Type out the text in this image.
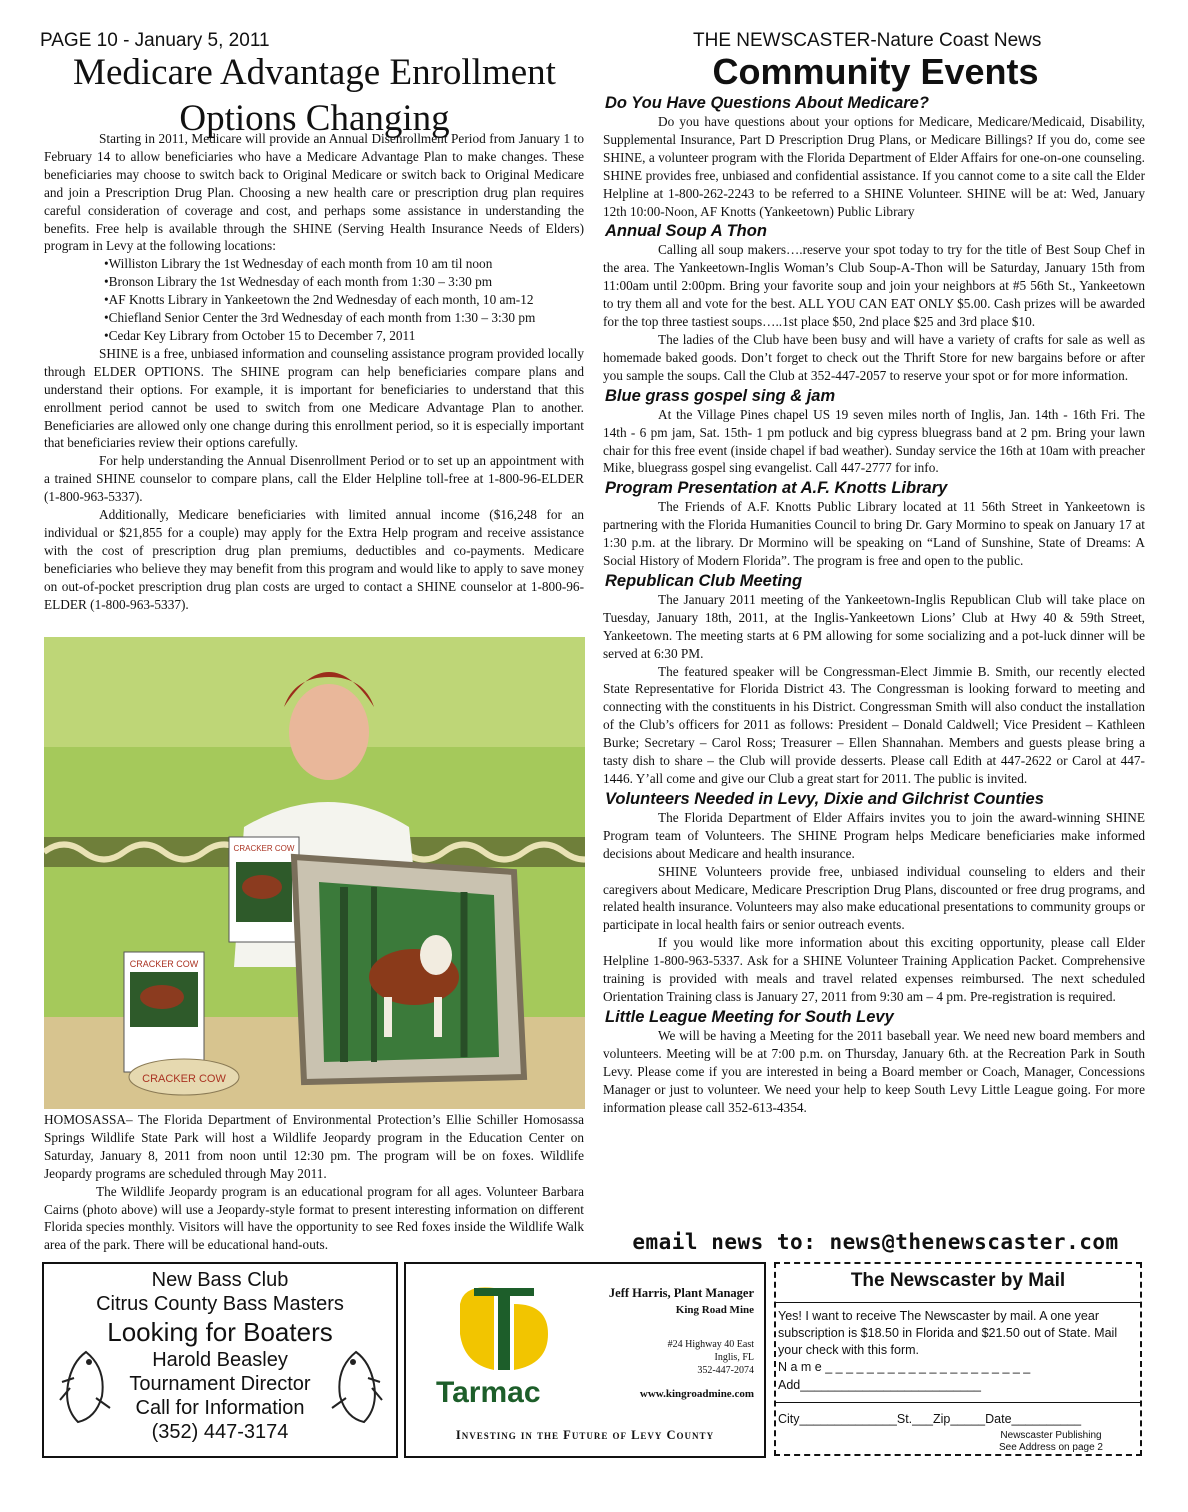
PAGE 10 - January 5, 2011	THE NEWSCASTER-Nature Coast News
Medicare Advantage Enrollment Options Changing
Community Events

Starting in 2011, Medicare will provide an Annual Disenrollment Period from January 1 to February 14 to allow beneficiaries who have a Medicare Advantage Plan to make changes. These beneficiaries may choose to switch back to Original Medicare or switch back to Original Medicare and join a Prescription Drug Plan. Choosing a new health care or prescription drug plan requires careful consideration of coverage and cost, and perhaps some assistance in understanding the benefits. Free help is available through the SHINE (Serving Health Insurance Needs of Elders) program in Levy at the following locations:

• Williston Library the 1st Wednesday of each month from 10 am til noon
• Bronson Library the 1st Wednesday of each month from 1:30 – 3:30 pm
• AF Knotts Library in Yankeetown the 2nd Wednesday of each month, 10 am-12
• Chiefland Senior Center the 3rd Wednesday of each month from 1:30 – 3:30 pm
• Cedar Key Library from October 15 to December 7, 2011

SHINE is a free, unbiased information and counseling assistance program provided locally through ELDER OPTIONS. The SHINE program can help beneficiaries compare plans and understand their options. For example, it is important for beneficiaries to understand that this enrollment period cannot be used to switch from one Medicare Advantage Plan to another. Beneficiaries are allowed only one change during this enrollment period, so it is especially important that beneficiaries review their options carefully.

For help understanding the Annual Disenrollment Period or to set up an appointment with a trained SHINE counselor to compare plans, call the Elder Helpline toll-free at 1-800-96-ELDER (1-800-963-5337).

Additionally, Medicare beneficiaries with limited annual income ($16,248 for an individual or $21,855 for a couple) may apply for the Extra Help program and receive assistance with the cost of prescription drug plan premiums, deductibles and co-payments. Medicare beneficiaries who believe they may benefit from this program and would like to apply to save money on out-of-pocket prescription drug plan costs are urged to contact a SHINE counselor at 1-800-96-ELDER (1-800-963-5337).

CRACKER COW
CRACKER COW
CRACKER COW

HOMOSASSA– The Florida Department of Environmental Protection’s Ellie Schiller Homosassa Springs Wildlife State Park will host a Wildlife Jeopardy program in the Education Center on Saturday, January 8, 2011 from noon until 12:30 pm. The program will be on foxes. Wildlife Jeopardy programs are scheduled through May 2011.

The Wildlife Jeopardy program is an educational program for all ages. Volunteer Barbara Cairns (photo above) will use a Jeopardy-style format to present interesting information on different Florida species monthly. Visitors will have the opportunity to see Red foxes inside the Wildlife Walk area of the park. There will be educational hand-outs.

Do You Have Questions About Medicare?

Do you have questions about your options for Medicare, Medicare/Medicaid, Disability, Supplemental Insurance, Part D Prescription Drug Plans, or Medicare Billings? If you do, come see SHINE, a volunteer program with the Florida Department of Elder Affairs for one-on-one counseling. SHINE provides free, unbiased and confidential assistance. If you cannot come to a site call the Elder Helpline at 1-800-262-2243 to be referred to a SHINE Volunteer. SHINE will be at: Wed, January 12th 10:00-Noon, AF Knotts (Yankeetown) Public Library

Annual Soup A Thon

Calling all soup makers….reserve your spot today to try for the title of Best Soup Chef in the area. The Yankeetown-Inglis Woman’s Club Soup-A-Thon will be Saturday, January 15th from 11:00am until 2:00pm. Bring your favorite soup and join your neighbors at #5 56th St., Yankeetown to try them all and vote for the best. ALL YOU CAN EAT ONLY $5.00. Cash prizes will be awarded for the top three tastiest soups…..1st place $50, 2nd place $25 and 3rd place $10.

The ladies of the Club have been busy and will have a variety of crafts for sale as well as homemade baked goods. Don’t forget to check out the Thrift Store for new bargains before or after you sample the soups. Call the Club at 352-447-2057 to reserve your spot or for more information.

Blue grass gospel sing & jam

At the Village Pines chapel US 19 seven miles north of Inglis, Jan. 14th - 16th Fri. The 14th - 6 pm jam, Sat. 15th- 1 pm potluck and big cypress bluegrass band at 2 pm. Bring your lawn chair for this free event (inside chapel if bad weather). Sunday service the 16th at 10am with preacher Mike, bluegrass gospel sing evangelist. Call 447-2777 for info.

Program Presentation at A.F. Knotts Library

The Friends of A.F. Knotts Public Library located at 11 56th Street in Yankeetown is partnering with the Florida Humanities Council to bring Dr. Gary Mormino to speak on January 17 at 1:30 p.m. at the library. Dr Mormino will be speaking on “Land of Sunshine, State of Dreams: A Social History of Modern Florida”. The program is free and open to the public.

Republican Club Meeting

The January 2011 meeting of the Yankeetown-Inglis Republican Club will take place on Tuesday, January 18th, 2011, at the Inglis-Yankeetown Lions’ Club at Hwy 40 & 59th Street, Yankeetown. The meeting starts at 6 PM allowing for some socializing and a pot-luck dinner will be served at 6:30 PM.

The featured speaker will be Congressman-Elect Jimmie B. Smith, our recently elected State Representative for Florida District 43. The Congressman is looking forward to meeting and connecting with the constituents in his District. Congressman Smith will also conduct the installation of the Club’s officers for 2011 as follows: President – Donald Caldwell; Vice President – Kathleen Burke; Secretary – Carol Ross; Treasurer – Ellen Shannahan. Members and guests please bring a tasty dish to share – the Club will provide desserts. Please call Edith at 447-2622 or Carol at 447-1446. Y’all come and give our Club a great start for 2011. The public is invited.

Volunteers Needed in Levy, Dixie and Gilchrist Counties

The Florida Department of Elder Affairs invites you to join the award-winning SHINE Program team of Volunteers. The SHINE Program helps Medicare beneficiaries make informed decisions about Medicare and health insurance.

SHINE Volunteers provide free, unbiased individual counseling to elders and their caregivers about Medicare, Medicare Prescription Drug Plans, discounted or free drug programs, and related health insurance. Volunteers may also make educational presentations to community groups or participate in local health fairs or senior outreach events.

If you would like more information about this exciting opportunity, please call Elder Helpline 1-800-963-5337. Ask for a SHINE Volunteer Training Application Packet. Comprehensive training is provided with meals and travel related expenses reimbursed. The next scheduled Orientation Training class is January 27, 2011 from 9:30 am – 4 pm. Pre-registration is required.

Little League Meeting for South Levy

We will be having a Meeting for the 2011 baseball year. We need new board members and volunteers. Meeting will be at 7:00 p.m. on Thursday, January 6th. at the Recreation Park in South Levy. Please come if you are interested in being a Board member or Coach, Manager, Concessions Manager or just to volunteer. We need your help to keep South Levy Little League going. For more information please call 352-613-4354.

email news to: news@thenewscaster.com
New Bass Club
Citrus County Bass Masters
Looking for Boaters
Harold Beasley
Tournament Director
Call for Information
(352) 447-3174
Tarmac
Jeff Harris, Plant Manager
King Road Mine
#24 Highway 40 East
Inglis, FL
352-447-2074
www.kingroadmine.com
Investing in the Future of Levy County
The Newscaster by Mail
Yes! I want to receive The Newscaster by mail. A one year subscription is $18.50 in Florida and $21.50 out of State. Mail your check with this form.
N a m e _ _ _ _ _ _ _ _ _ _ _ _ _ _ _ _ _ _ _ _
Add__________________________
City______________St.___Zip_____Date__________
Newscaster Publishing
See Address on page 2
